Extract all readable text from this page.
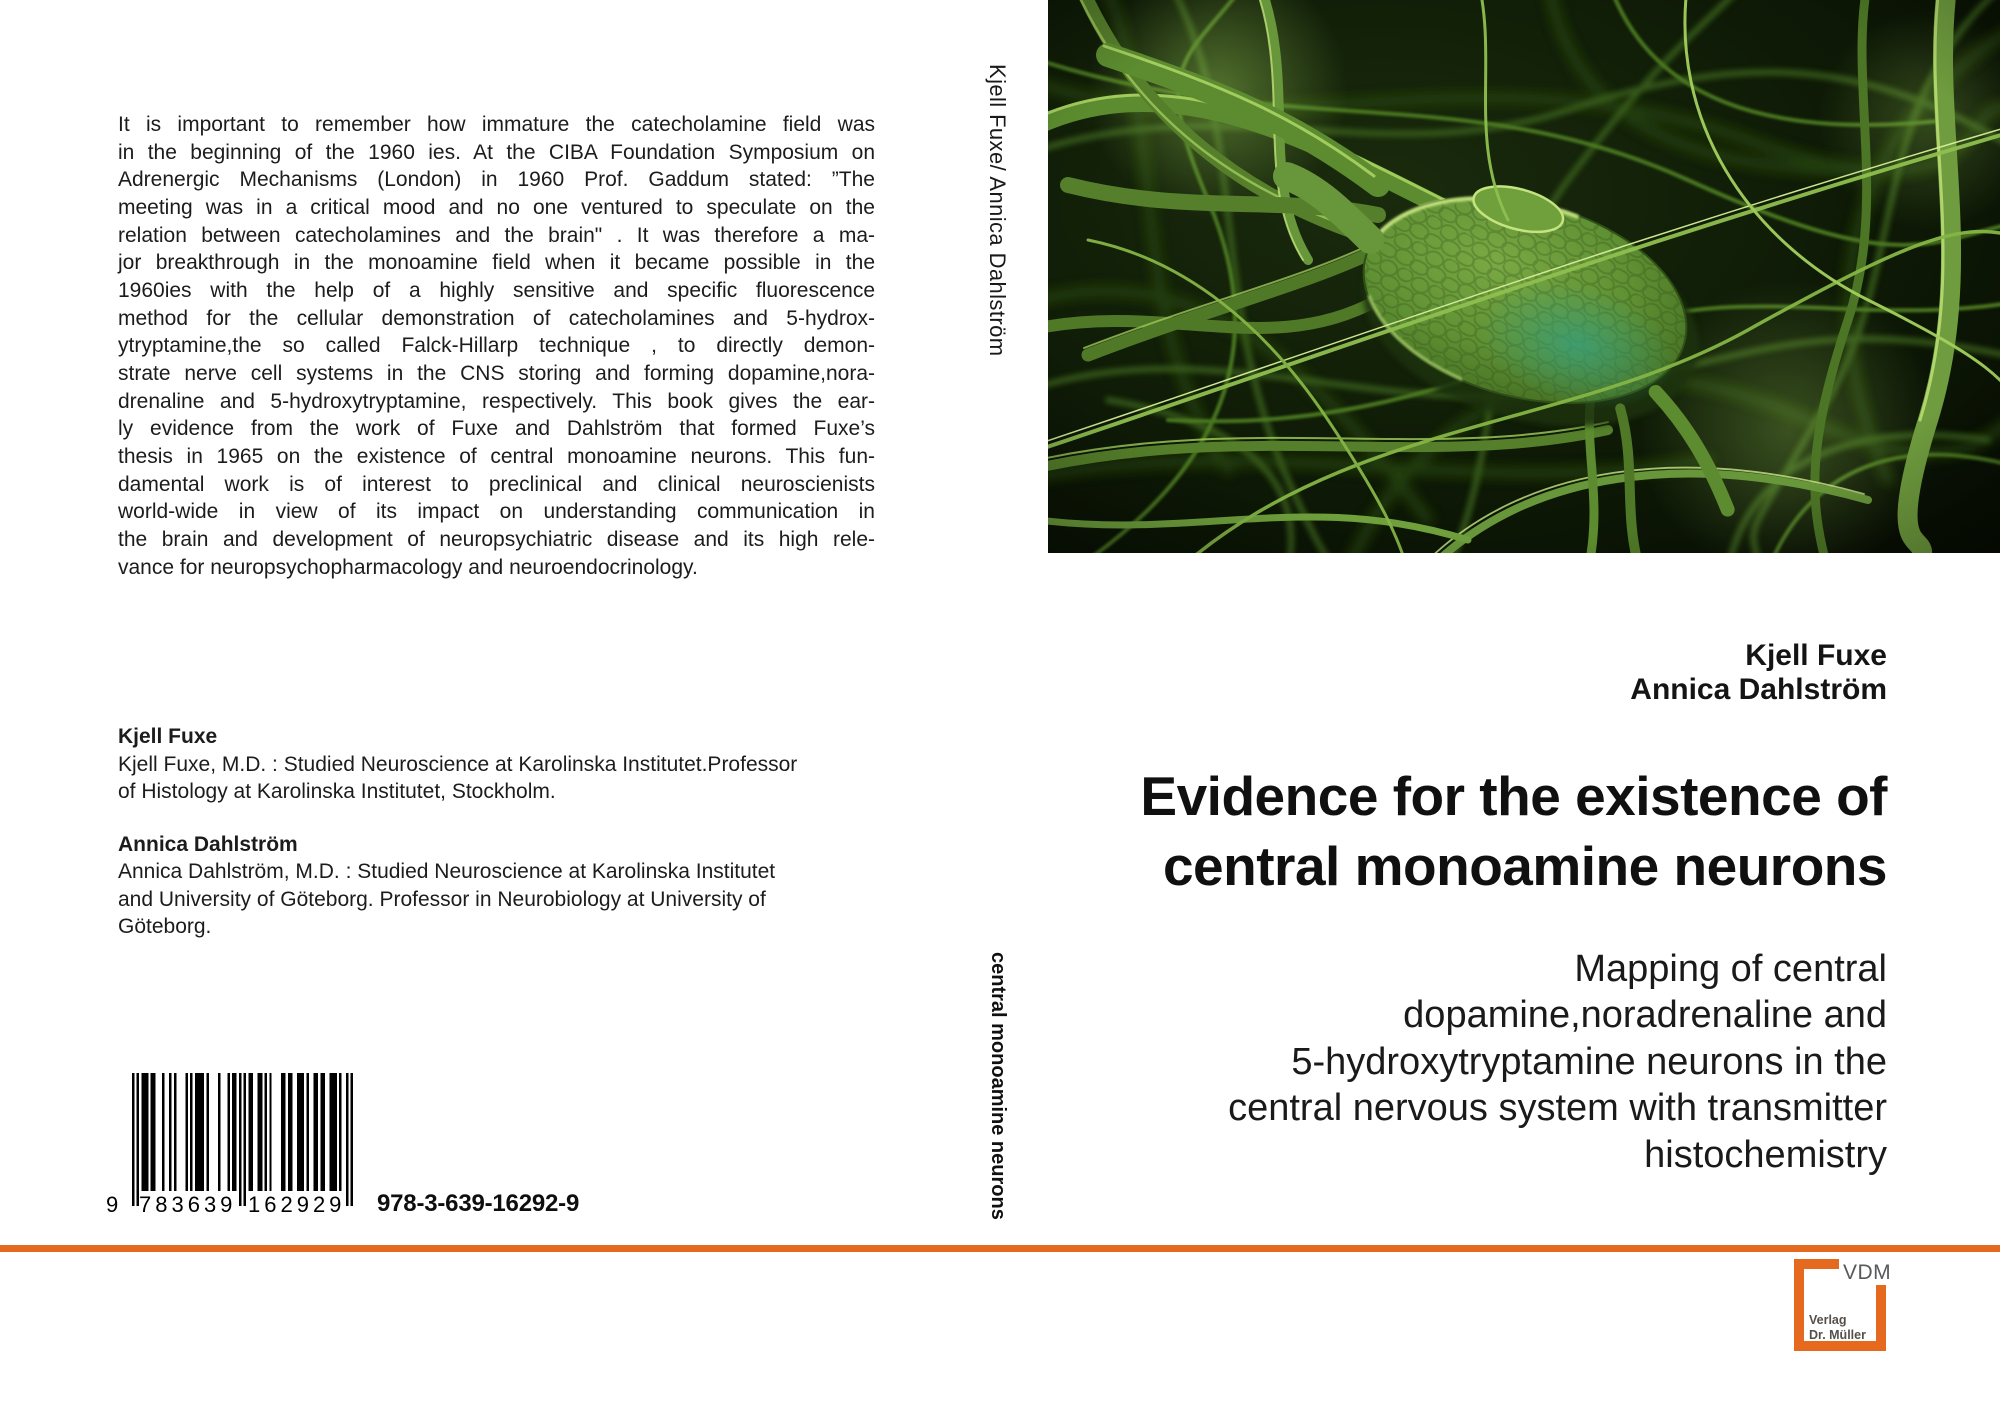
It is important to remember how immature the catecholamine field was
in the beginning of the 1960 ies. At the CIBA Foundation Symposium on
Adrenergic Mechanisms (London) in 1960 Prof. Gaddum stated: ”The
meeting was in a critical mood and no one ventured to speculate on the
relation between catecholamines and the brain" . It was therefore a ma-
jor breakthrough in the monoamine field when it became possible in the
1960ies with the help of a highly sensitive and specific fluorescence
method for the cellular demonstration of catecholamines and 5-hydrox-
ytryptamine,the so called Falck-Hillarp technique , to directly demon-
strate nerve cell systems in the CNS storing and forming dopamine,nora-
drenaline and 5-hydroxytryptamine, respectively. This book gives the ear-
ly evidence from the work of Fuxe and Dahlström that formed Fuxe’s
thesis in 1965 on the existence of central monoamine neurons. This fun-
damental work is of interest to preclinical and clinical neuroscienists
world-wide in view of its impact on understanding communication in
the brain and development of neuropsychiatric disease and its high rele-
vance for neuropsychopharmacology and neuroendocrinology.
Kjell Fuxe
Kjell Fuxe, M.D. : Studied Neuroscience at Karolinska Institutet.Professor
of Histology at Karolinska Institutet, Stockholm.
Annica Dahlström
Annica Dahlström, M.D. : Studied Neuroscience at Karolinska Institutet
and University of Göteborg. Professor in Neurobiology at University of
Göteborg.
9 783639 162929 978-3-639-16292-9
Kjell Fuxe/ Annica Dahlström
central monoamine neurons
Kjell Fuxe
Annica Dahlström
Evidence for the existence of
central monoamine neurons
Mapping of central
dopamine,noradrenaline and
5-hydroxytryptamine neurons in the
central nervous system with transmitter
histochemistry
VDM
Verlag
Dr. Müller
